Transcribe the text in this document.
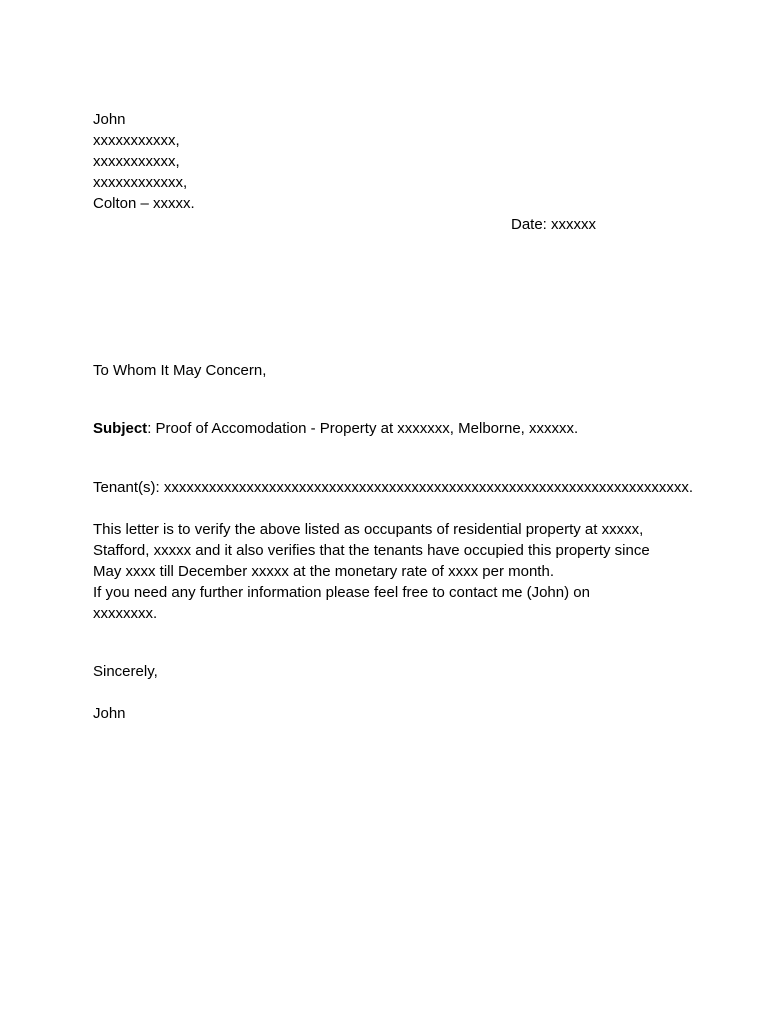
John
xxxxxxxxxxx,
xxxxxxxxxxx,
xxxxxxxxxxxx,
Colton – xxxxx.
Date: xxxxxx
To Whom It May Concern,
Subject: Proof of Accomodation - Property at xxxxxxx, Melborne, xxxxxx.
Tenant(s): xxxxxxxxxxxxxxxxxxxxxxxxxxxxxxxxxxxxxxxxxxxxxxxxxxxxxxxxxxxxxxxxxxxxxx.
This letter is to verify the above listed as occupants of residential property at xxxxx,
Stafford, xxxxx and it also verifies that the tenants have occupied this property since
May xxxx till December xxxxx at the monetary rate of xxxx per month.
If you need any further information please feel free to contact me (John) on
xxxxxxxx.
Sincerely,
John
